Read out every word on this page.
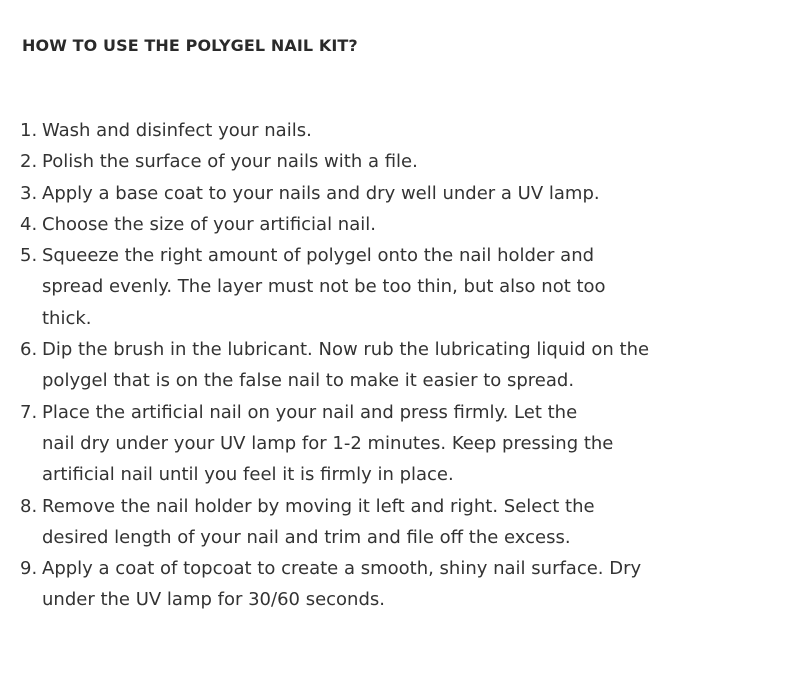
HOW TO USE THE POLYGEL NAIL KIT?
1. Wash and disinfect your nails.
2. Polish the surface of your nails with a file.
3. Apply a base coat to your nails and dry well under a UV lamp.
4. Choose the size of your artificial nail.
5. Squeeze the right amount of polygel onto the nail holder and
spread evenly. The layer must not be too thin, but also not too
thick.
6. Dip the brush in the lubricant. Now rub the lubricating liquid on the
polygel that is on the false nail to make it easier to spread.
7. Place the artificial nail on your nail and press firmly. Let the
nail dry under your UV lamp for 1-2 minutes. Keep pressing the
artificial nail until you feel it is firmly in place.
8. Remove the nail holder by moving it left and right. Select the
desired length of your nail and trim and file off the excess.
9. Apply a coat of topcoat to create a smooth, shiny nail surface. Dry
under the UV lamp for 30/60 seconds.
